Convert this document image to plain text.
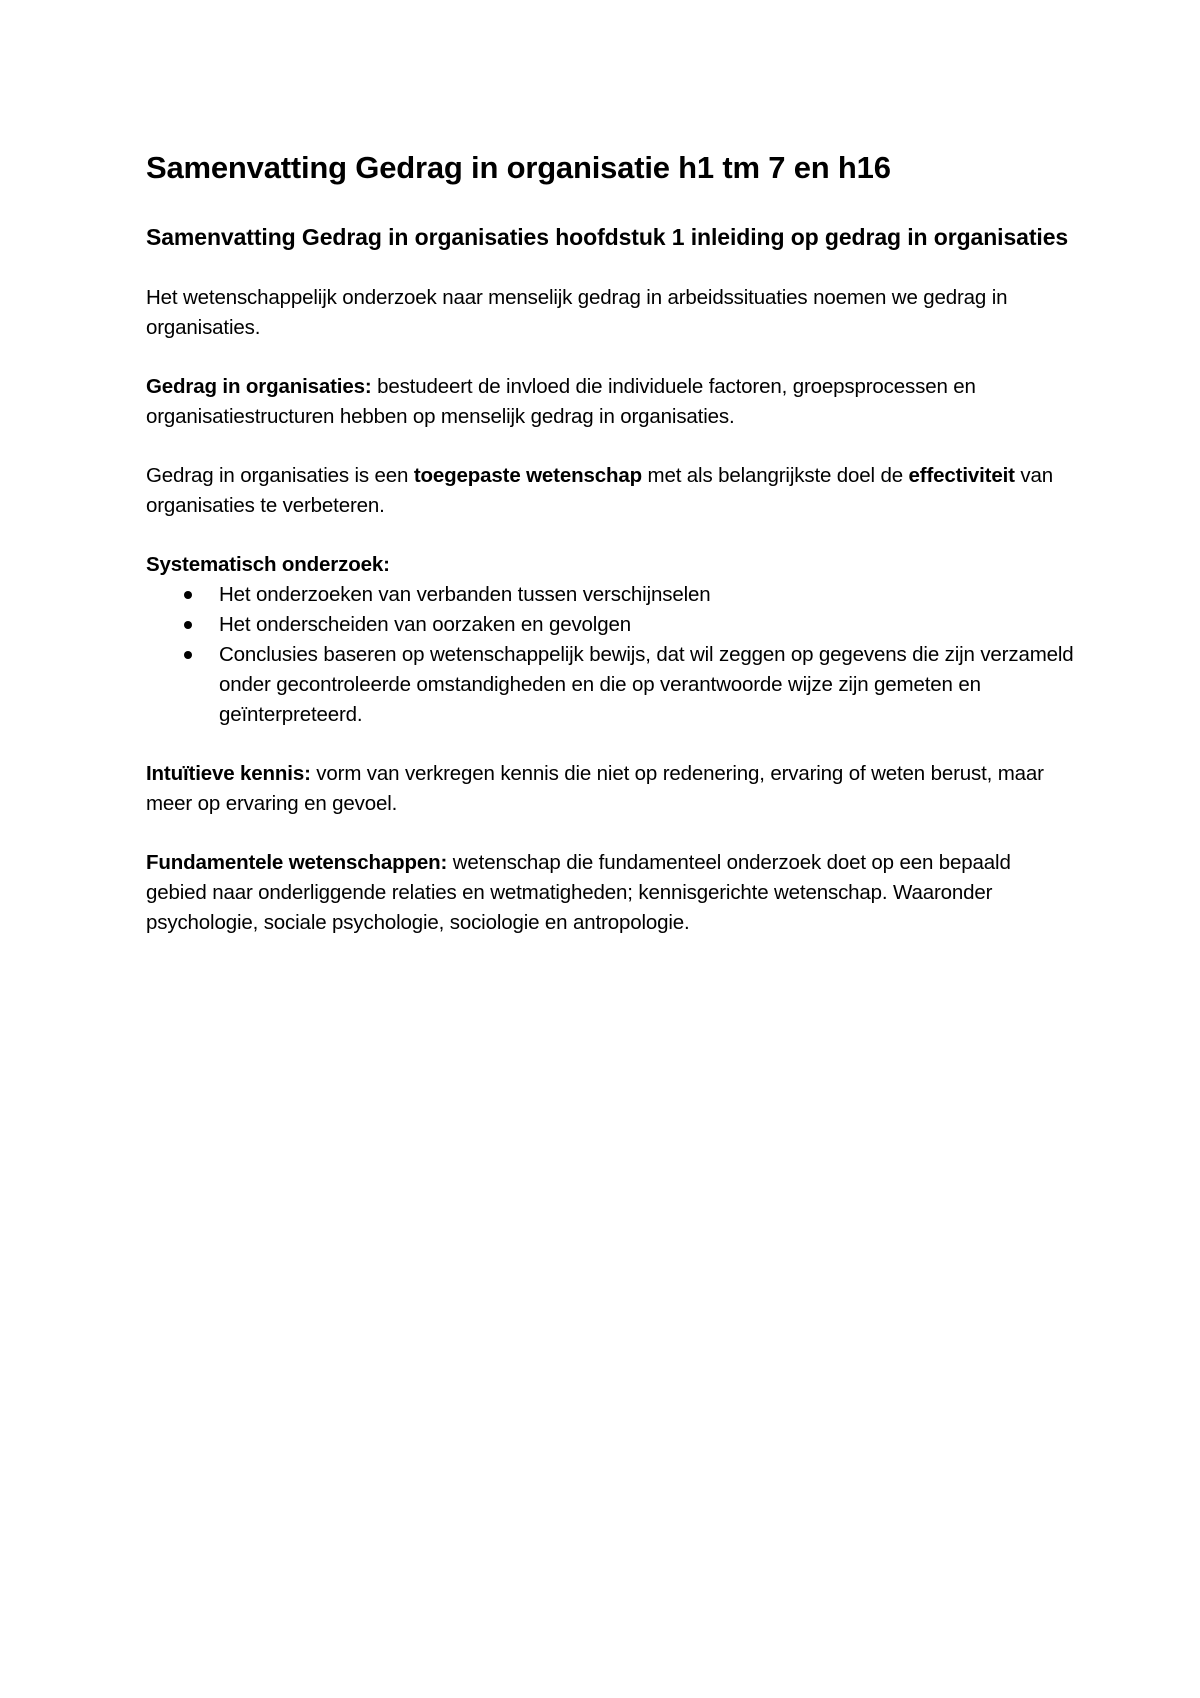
Samenvatting Gedrag in organisatie h1 tm 7 en h16
Samenvatting Gedrag in organisaties hoofdstuk 1 inleiding op gedrag in organisaties

Het wetenschappelijk onderzoek naar menselijk gedrag in arbeidssituaties noemen we gedrag in organisaties.

Gedrag in organisaties: bestudeert de invloed die individuele factoren, groepsprocessen en organisatiestructuren hebben op menselijk gedrag in organisaties.

Gedrag in organisaties is een toegepaste wetenschap met als belangrijkste doel de effectiviteit van organisaties te verbeteren.

Systematisch onderzoek:

Het onderzoeken van verbanden tussen verschijnselen
Het onderscheiden van oorzaken en gevolgen
Conclusies baseren op wetenschappelijk bewijs, dat wil zeggen op gegevens die zijn verzameld onder gecontroleerde omstandigheden en die op verantwoorde wijze zijn gemeten en geïnterpreteerd.

Intuïtieve kennis: vorm van verkregen kennis die niet op redenering, ervaring of weten berust, maar meer op ervaring en gevoel.

Fundamentele wetenschappen: wetenschap die fundamenteel onderzoek doet op een bepaald gebied naar onderliggende relaties en wetmatigheden; kennisgerichte wetenschap. Waaronder psychologie, sociale psychologie, sociologie en antropologie.
